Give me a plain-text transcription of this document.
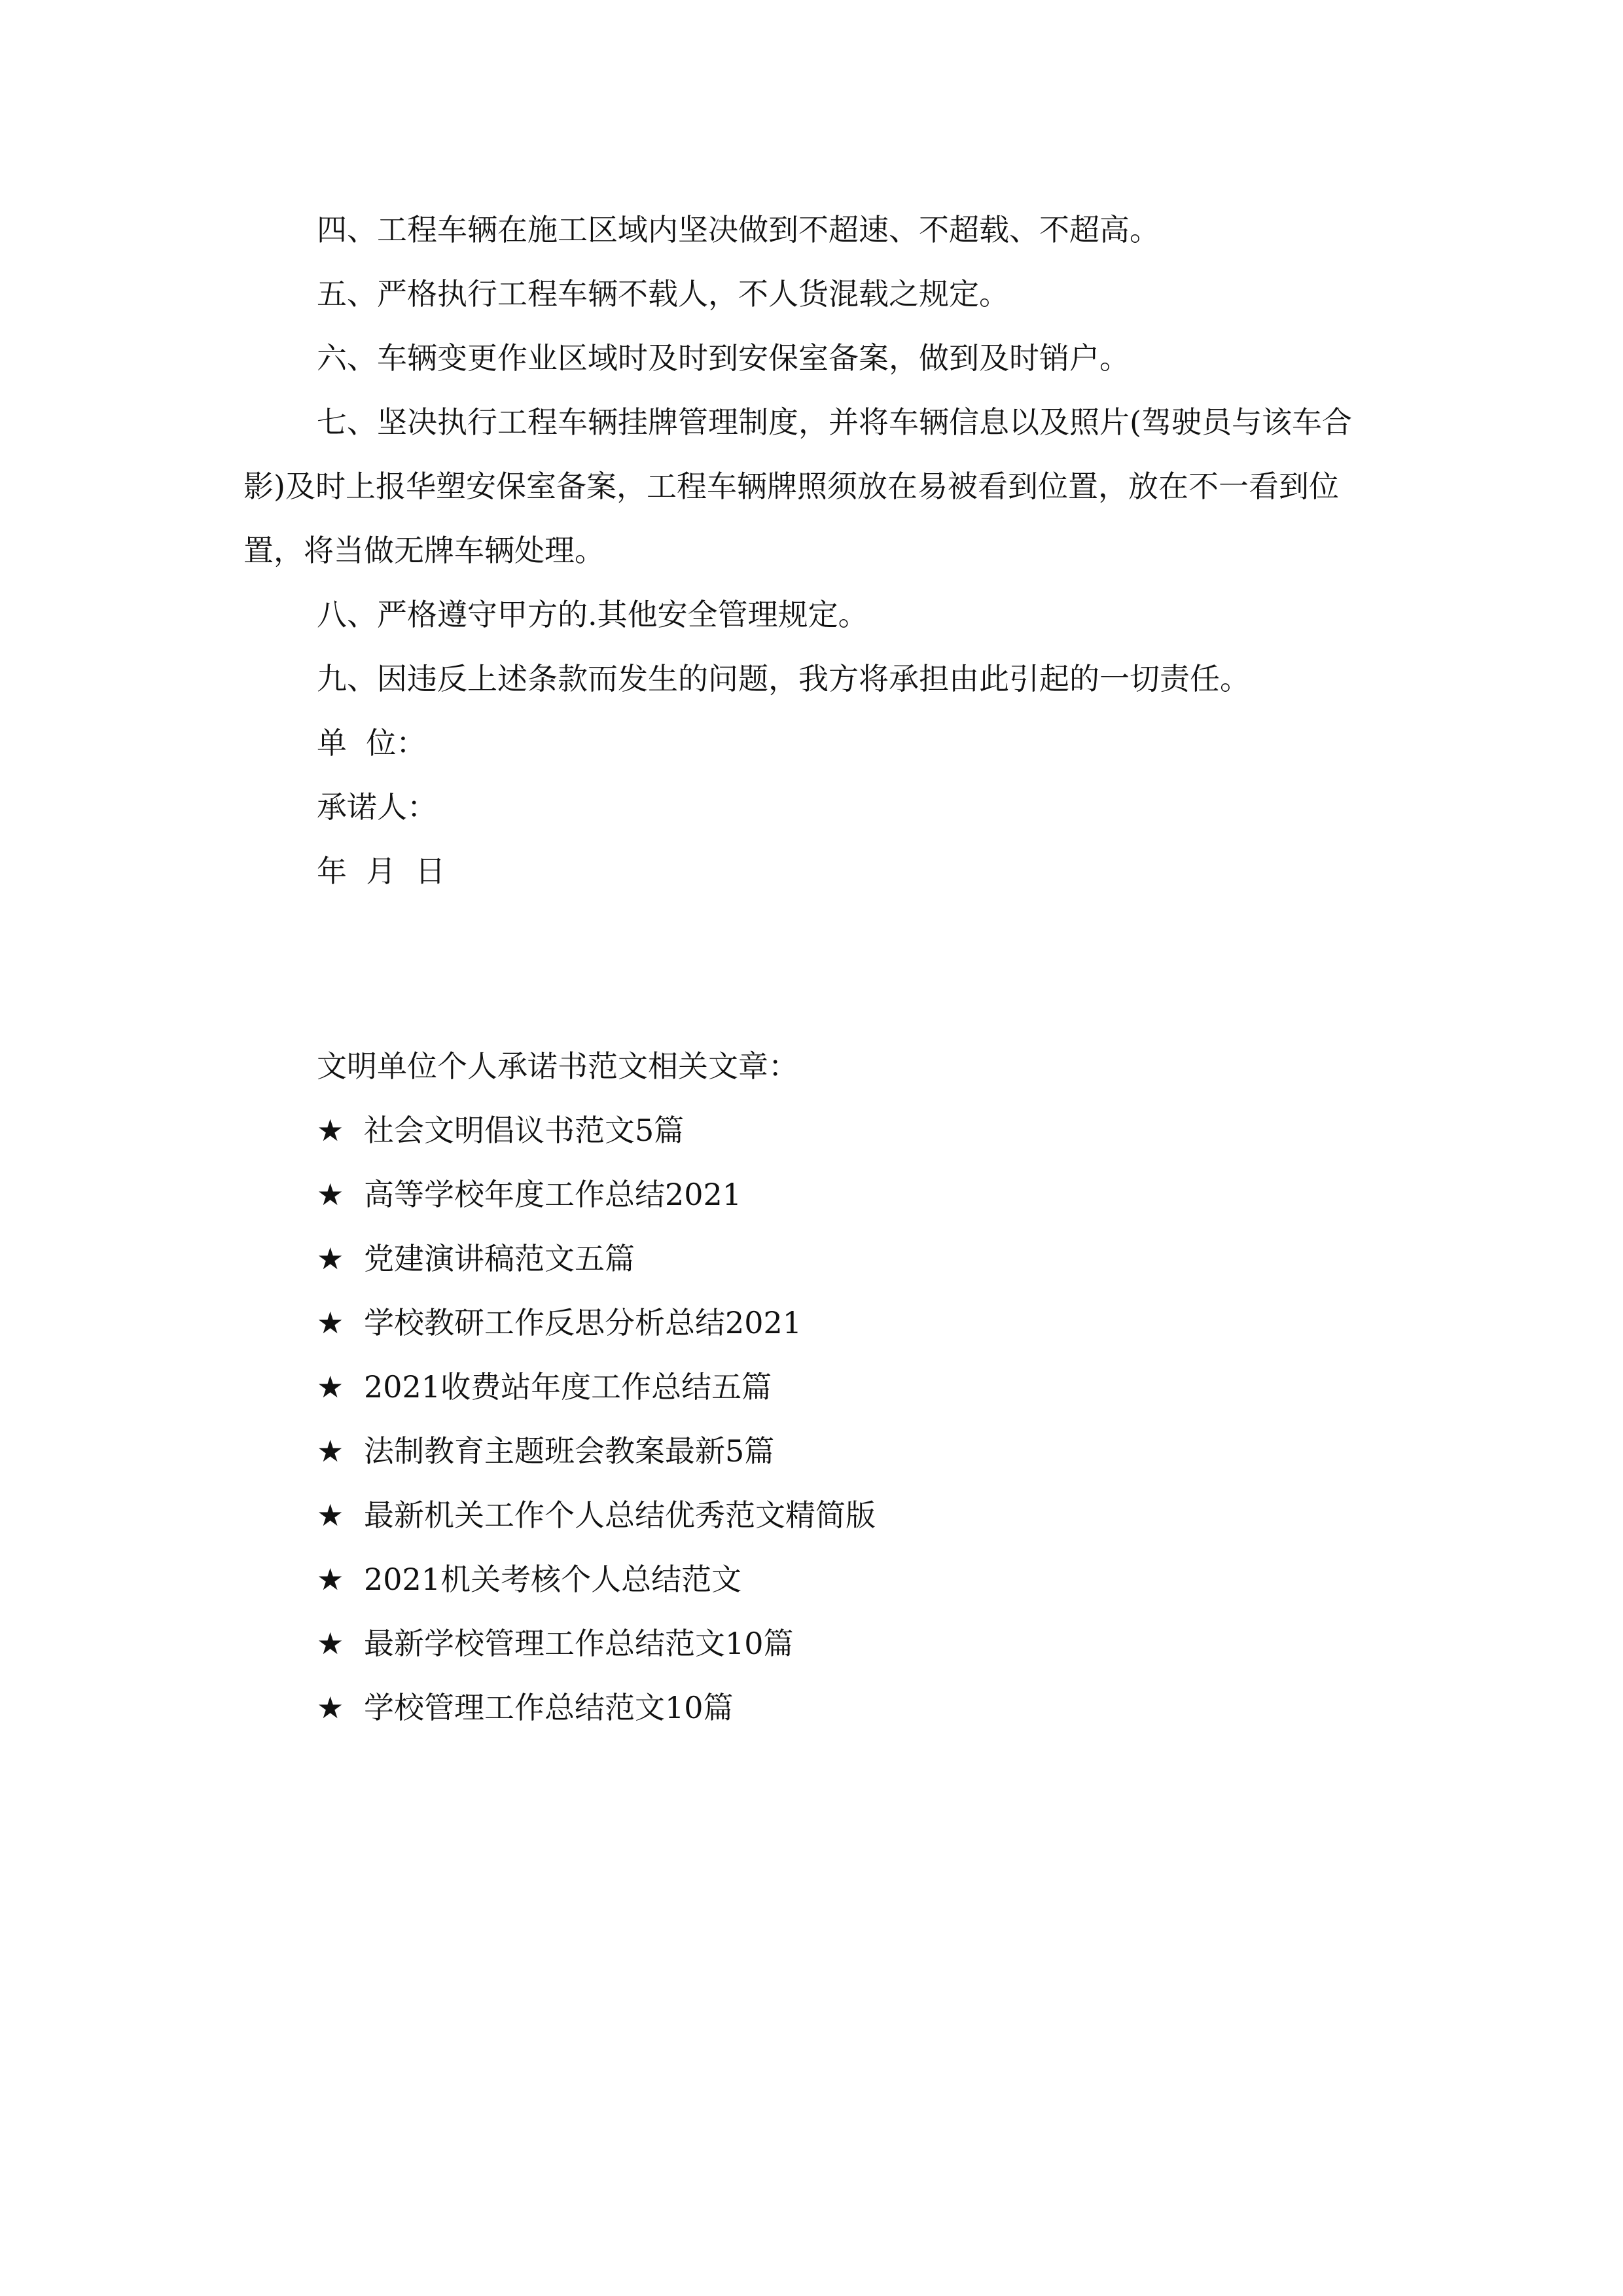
四、工程车辆在施工区域内坚决做到不超速、不超载、不超高。

五、严格执行工程车辆不载人，不人货混载之规定。

六、车辆变更作业区域时及时到安保室备案，做到及时销户。

七、坚决执行工程车辆挂牌管理制度，并将车辆信息以及照片(驾驶员与该车合影)及时上报华塑安保室备案，工程车辆牌照须放在易被看到位置，放在不一看到位置，将当做无牌车辆处理。

八、严格遵守甲方的.其他安全管理规定。

九、因违反上述条款而发生的问题，我方将承担由此引起的一切责任。

单  位：

承诺人：

年  月  日

文明单位个人承诺书范文相关文章：

★ 社会文明倡议书范文5篇
★ 高等学校年度工作总结2021
★ 党建演讲稿范文五篇
★ 学校教研工作反思分析总结2021
★ 2021收费站年度工作总结五篇
★ 法制教育主题班会教案最新5篇
★ 最新机关工作个人总结优秀范文精简版
★ 2021机关考核个人总结范文
★ 最新学校管理工作总结范文10篇
★ 学校管理工作总结范文10篇
